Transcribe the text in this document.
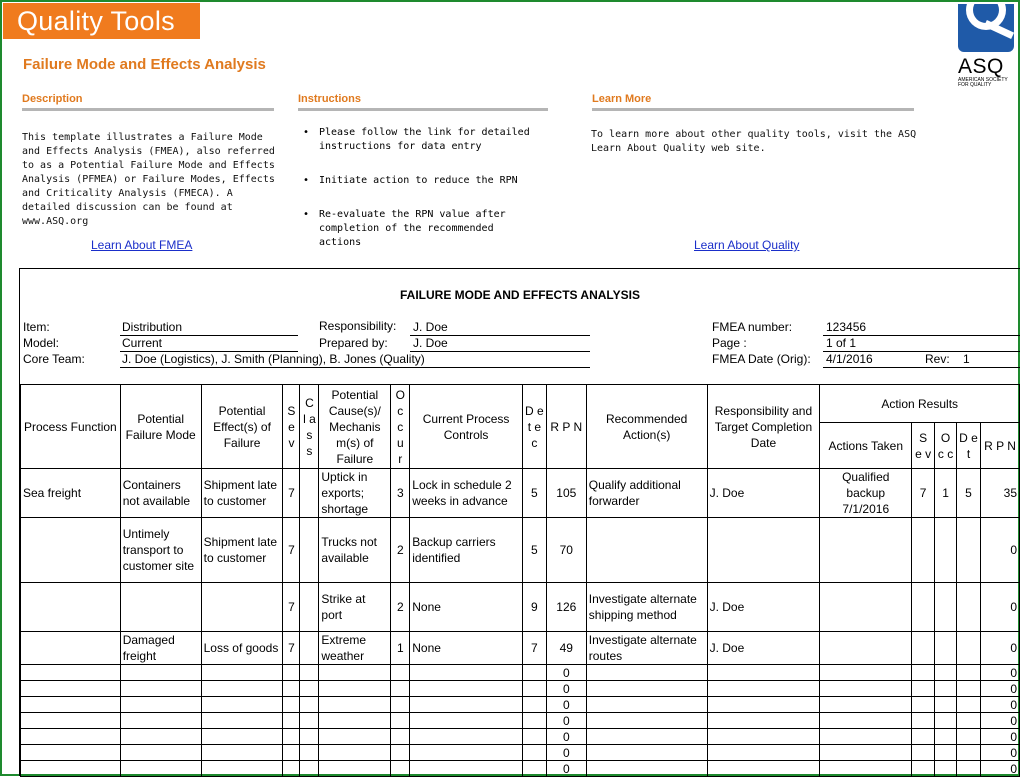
Quality Tools
Failure Mode and Effects Analysis	ASQ
AMERICAN SOCIETY FOR QUALITY
Description	Instructions	Learn More
This template illustrates a Failure Mode and Effects Analysis (FMEA), also referred to as a Potential Failure Mode and Effects Analysis (PFMEA) or Failure Modes, Effects and Criticality Analysis (FMECA). A detailed discussion can be found at www.ASQ.org
• Please follow the link for detailed instructions for data entry
• Initiate action to reduce the RPN
• Re-evaluate the RPN value after completion of the recommended actions
To learn more about other quality tools, visit the ASQ Learn About Quality web site.
Learn About FMEA	Learn About Quality
FAILURE MODE AND EFFECTS ANALYSIS
Item:	Distribution
Model:	Current
Core Team:	J. Doe (Logistics), J. Smith (Planning), B. Jones (Quality)
Responsibility: J. Doe
Prepared by: J. Doe
FMEA number:	123456
Page :	1 of 1
FMEA Date (Orig): 4/1/2016	Rev: 1
Process Function	Potential Failure Mode	Potential Effect(s) of Failure	S e v	C l a s s	Potential Cause(s)/ Mechanis m(s) of Failure	O c c u r	Current Process Controls	D e t e c	R P N	Recommended Action(s)	Responsibility and Target Completion Date	Action Results				
												Actions Taken	S e v	O c c	D e t	R P N
Sea freight	Containers not available	Shipment late to customer	7		Uptick in exports; shortage	3	Lock in schedule 2 weeks in advance	5	105	Qualify additional forwarder	J. Doe	Qualified backup 7/1/2016	7	1	5	35
	Untimely transport to customer site	Shipment late to customer	7		Trucks not available	2	Backup carriers identified	5	70							0
			7		Strike at port	2	None	9	126	Investigate alternate shipping method	J. Doe					0
	Damaged freight	Loss of goods	7		Extreme weather	1	None	7	49	Investigate alternate routes	J. Doe					0
									0							0
									0							0
									0							0
									0							0
									0							0
									0							0
									0							0
